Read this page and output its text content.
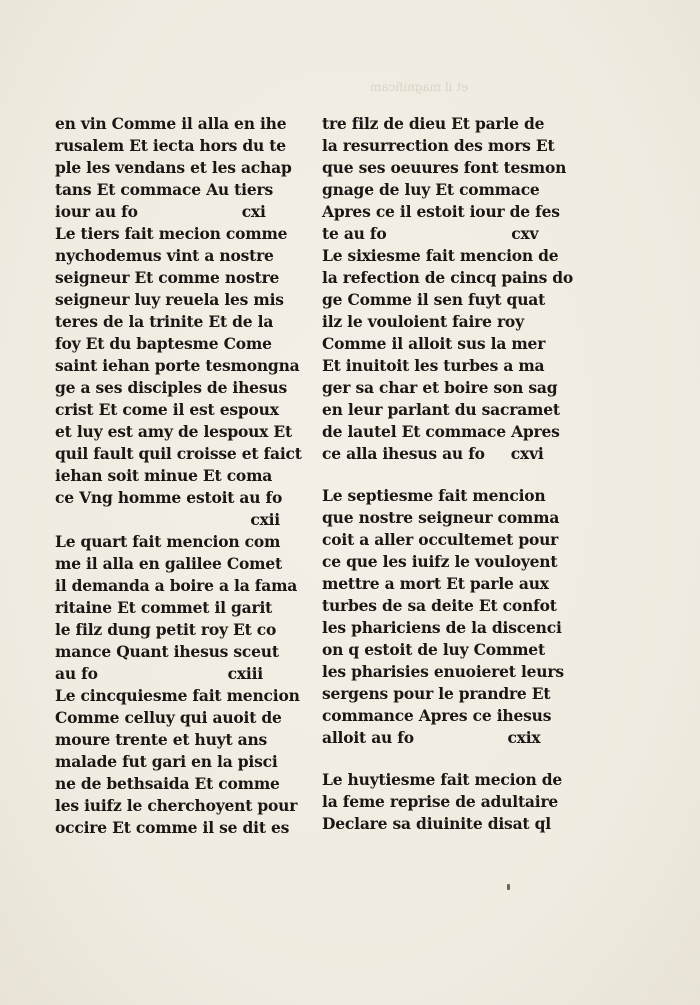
et il magnificam
en vin Comme il alla en ihe
rusalem Et iecta hors du te
ple les vendans et les achap
tans Et commace Au tiers
iour au fo                    cxi
Le tiers fait mecion comme
nychodemus vint a nostre
seigneur Et comme nostre
seigneur luy reuela les mis
teres de la trinite Et de la
foy Et du baptesme Come
saint iehan porte tesmongna
ge a ses disciples de ihesus
crist Et come il est espoux
et luy est amy de lespoux Et
quil fault quil croisse et faict
iehan soit minue Et coma
ce Vng homme estoit au fo
cxii
Le quart fait mencion com
me il alla en galilee Comet
il demanda a boire a la fama
ritaine Et commet il garit
le filz dung petit roy Et co
mance Quant ihesus sceut
au fo                         cxiii
Le cincquiesme fait mencion
Comme celluy qui auoit de
moure trente et huyt ans
malade fut gari en la pisci
ne de bethsaida Et comme
les iuifz le cherchoyent pour
occire Et comme il se dit es
tre filz de dieu Et parle de
la resurrection des mors Et
que ses oeuures font tesmon
gnage de luy Et commace
Apres ce il estoit iour de fes
te au fo                        cxv
Le sixiesme fait mencion de
la refection de cincq pains do
ge Comme il sen fuyt quat
ilz le vouloient faire roy
Comme il alloit sus la mer
Et inuitoit les turbes a ma
ger sa char et boire son sag
en leur parlant du sacramet
de lautel Et commace Apres
ce alla ihesus au fo     cxvi
Le septiesme fait mencion
que nostre seigneur comma
coit a aller occultemet pour
ce que les iuifz le vouloyent
mettre a mort Et parle aux
turbes de sa deite Et confot
les phariciens de la discenci
on q estoit de luy Commet
les pharisies enuoieret leurs
sergens pour le prandre Et
commance Apres ce ihesus
alloit au fo                  cxix
Le huytiesme fait mecion de
la feme reprise de adultaire
Declare sa diuinite disat ql
